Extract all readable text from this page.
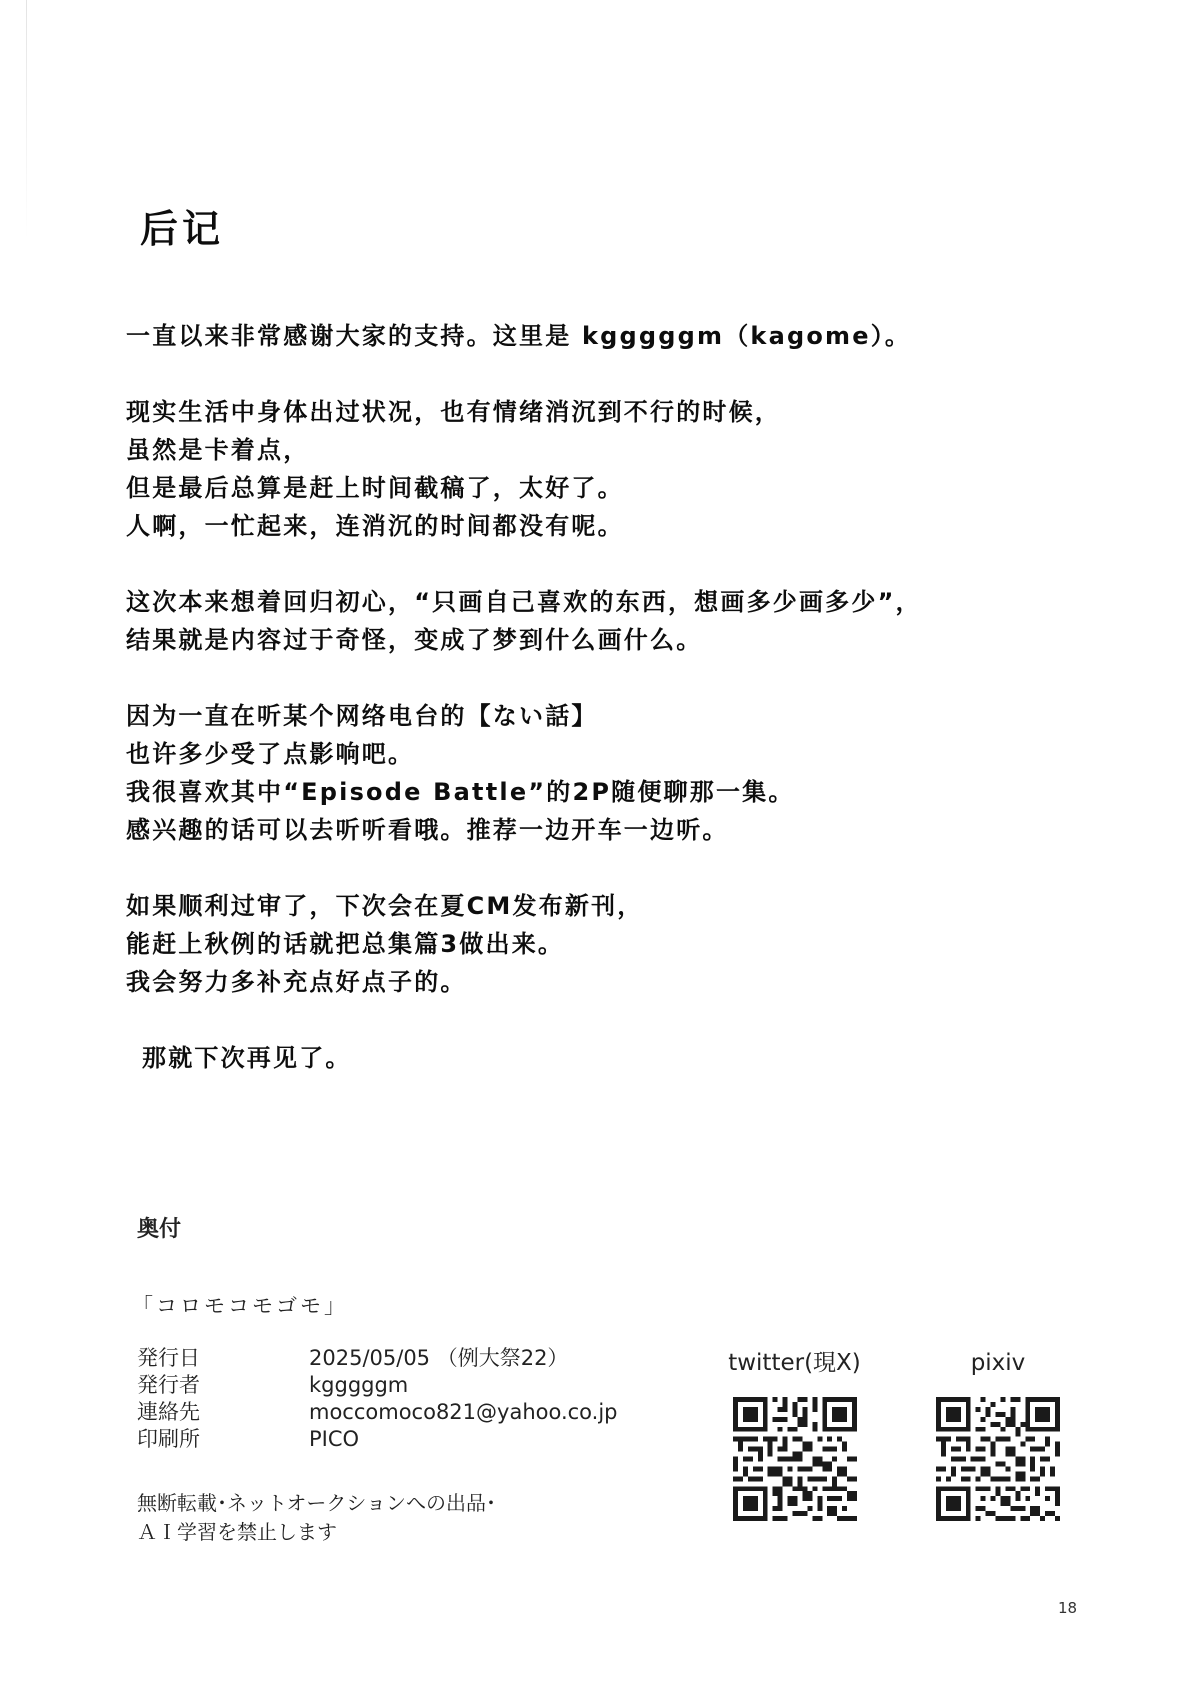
后记
一直以来非常感谢大家的支持。这里是 kgggggm（kagome）。
现实生活中身体出过状况，也有情绪消沉到不行的时候，
虽然是卡着点，
但是最后总算是赶上时间截稿了，太好了。
人啊，一忙起来，连消沉的时间都没有呢。
这次本来想着回归初心，“只画自己喜欢的东西，想画多少画多少”，
结果就是内容过于奇怪，变成了梦到什么画什么。
因为一直在听某个网络电台的【ない話】
也许多少受了点影响吧。
我很喜欢其中“Episode Battle”的2P随便聊那一集。
感兴趣的话可以去听听看哦。推荐一边开车一边听。
如果顺利过审了，下次会在夏CM发布新刊，
能赶上秋例的话就把总集篇3做出来。
我会努力多补充点好点子的。
那就下次再见了。
奥付
「コロモコモゴモ」
発行日	2025/05/05 （例大祭22）
発行者	kgggggm
連絡先	moccomoco821@yahoo.co.jp
印刷所	PICO
無断転載･ネットオークションへの出品･
ＡＩ学習を禁止します
twitter(現X)	pixiv
18
